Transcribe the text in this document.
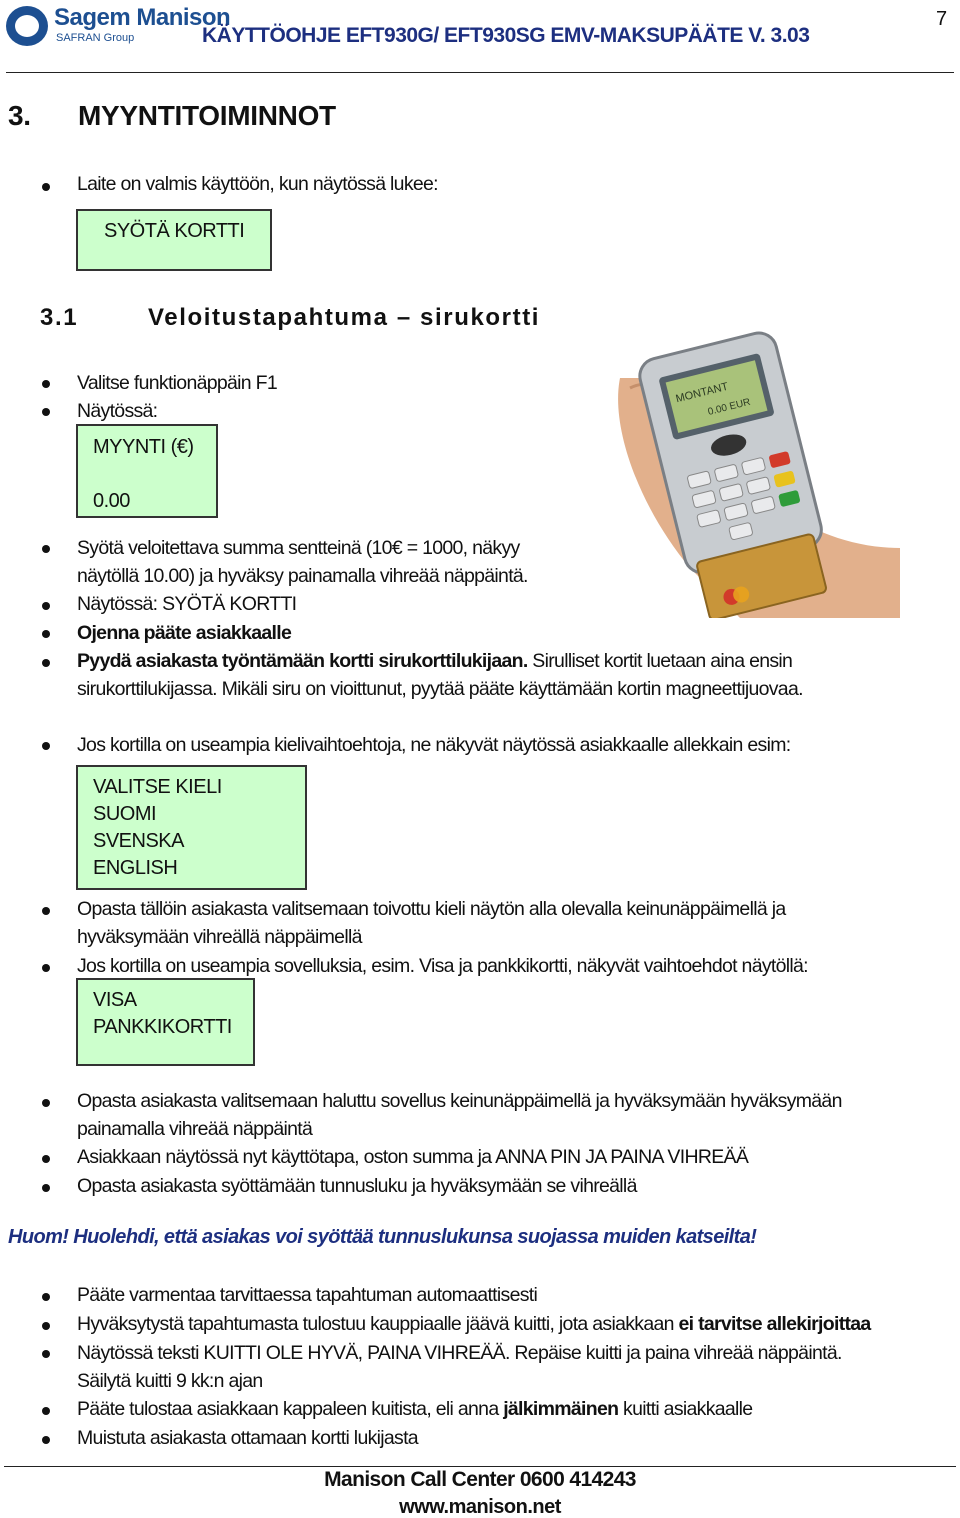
Sagem Manison
SAFRAN Group	KÄYTTÖOHJE EFT930G/ EFT930SG EMV-MAKSUPÄÄTE V. 3.03
7
3. MYYNTITOIMINNOT
Laite on valmis käyttöön, kun näytössä lukee:
SYÖTÄ KORTTI
3.1	Veloitustapahtuma – sirukortti
Valitse funktionäppäin F1
Näytössä:
MYYNTI (€)
0.00
Syötä veloitettava summa sentteinä (10€ = 1000, näkyy
näytöllä 10.00) ja hyväksy painamalla vihreää näppäintä.
Näytössä: SYÖTÄ KORTTI
Ojenna pääte asiakkaalle
Pyydä asiakasta työntämään kortti sirukorttilukijaan. Sirulliset kortit luetaan aina ensin
sirukorttilukijassa. Mikäli siru on vioittunut, pyytää pääte käyttämään kortin magneettijuovaa.
MONTANT
0.00 EUR
Jos kortilla on useampia kielivaihtoehtoja, ne näkyvät näytössä asiakkaalle allekkain esim:
VALITSE KIELI
SUOMI
SVENSKA
ENGLISH
Opasta tällöin asiakasta valitsemaan toivottu kieli näytön alla olevalla keinunäppäimellä ja
hyväksymään vihreällä näppäimellä
Jos kortilla on useampia sovelluksia, esim. Visa ja pankkikortti, näkyvät vaihtoehdot näytöllä:
VISA
PANKKIKORTTI
Opasta asiakasta valitsemaan haluttu sovellus keinunäppäimellä ja hyväksymään hyväksymään
painamalla vihreää näppäintä
Asiakkaan näytössä nyt käyttötapa, oston summa ja ANNA PIN JA PAINA VIHREÄÄ
Opasta asiakasta syöttämään tunnusluku ja hyväksymään se vihreällä
Huom! Huolehdi, että asiakas voi syöttää tunnuslukunsa suojassa muiden katseilta!
Pääte varmentaa tarvittaessa tapahtuman automaattisesti
Hyväksytystä tapahtumasta tulostuu kauppiaalle jäävä kuitti, jota asiakkaan ei tarvitse allekirjoittaa
Näytössä teksti KUITTI OLE HYVÄ, PAINA VIHREÄÄ. Repäise kuitti ja paina vihreää näppäintä.
Säilytä kuitti 9 kk:n ajan
Pääte tulostaa asiakkaan kappaleen kuitista, eli anna jälkimmäinen kuitti asiakkaalle
Muistuta asiakasta ottamaan kortti lukijasta
Manison Call Center 0600 414243
www.manison.net
